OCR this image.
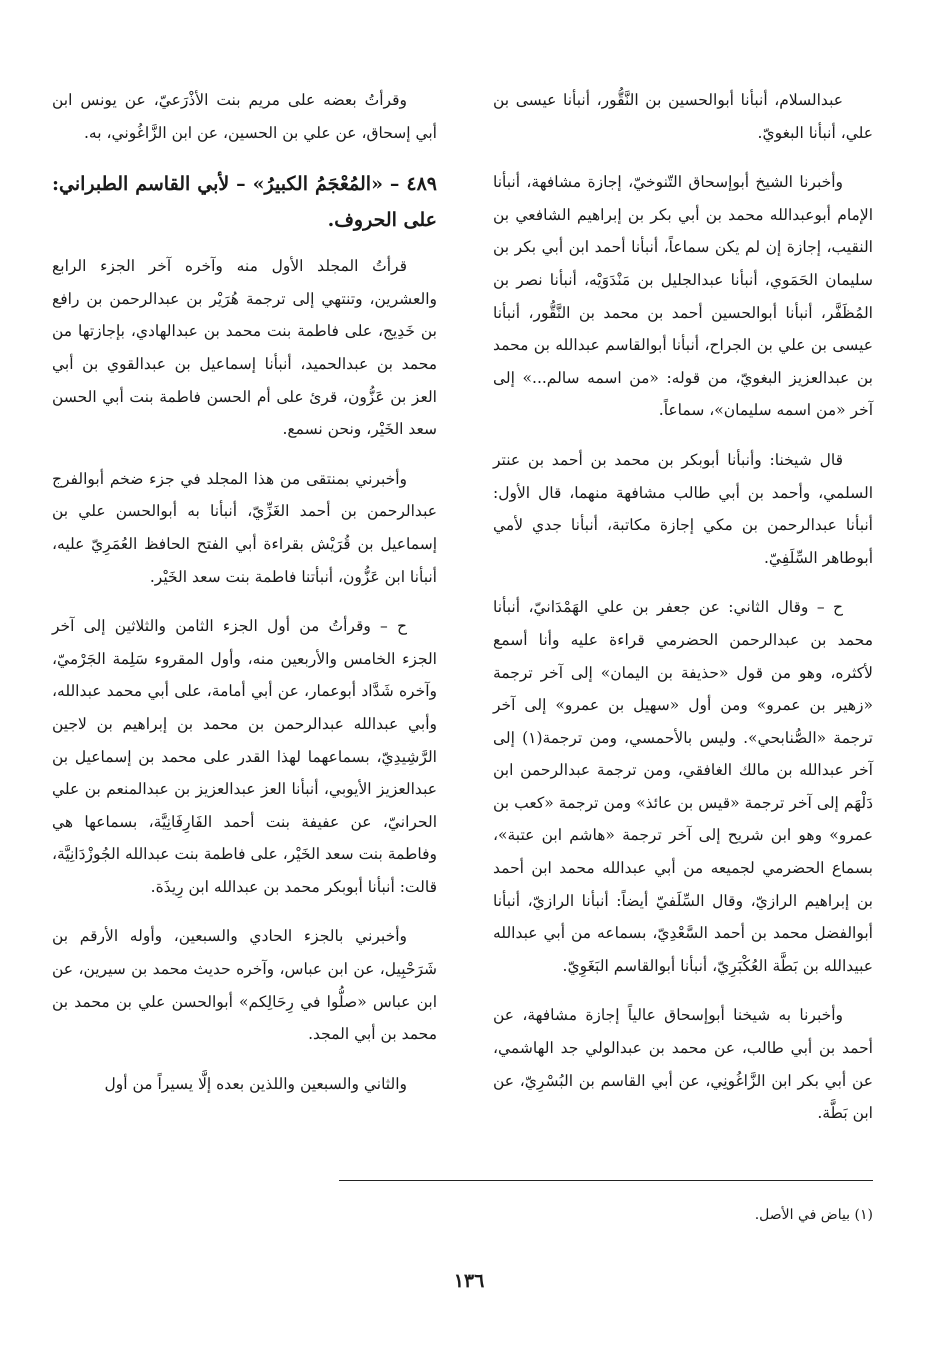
عبدالسلام، أنبأنا أبوالحسين بن النَّقُّور، أنبأنا عيسى بن علي، أنبأنا البغويّ.

وأخبرنا الشيخ أبوإسحاق التّنوخيّ، إجازة مشافهة، أنبأنا الإمام أبوعبدالله محمد بن أبي بكر بن إبراهيم الشافعي بن النقيب، إجازة إن لم يكن سماعاً، أنبأنا أحمد ابن أبي بكر بن سليمان الحَمَوي، أنبأنا عبدالجليل بن مَنْدَوَيْه، أنبأنا نصر بن المُظَفَّر، أنبأنا أبوالحسين أحمد بن محمد بن النَّقُّور، أنبأنا عيسى بن علي بن الجراح، أنبأنا أبوالقاسم عبدالله بن محمد بن عبدالعزيز البغويّ، من قوله: «من اسمه سالم...» إلى آخر «من اسمه سليمان»، سماعاً.

قال شيخنا: وأنبأنا أبوبكر بن محمد بن أحمد بن عنتر السلمي، وأحمد بن أبي طالب مشافهة منهما، قال الأول: أنبأنا عبدالرحمن بن مكي إجازة مكاتبة، أنبأنا جدي لأمي أبوطاهر السِّلَفِيّ.

ح – وقال الثاني: عن جعفر بن علي الهَمْدَانيّ، أنبأنا محمد بن عبدالرحمن الحضرمي قراءة عليه وأنا أسمع لأكثره، وهو من قول «حذيفة بن اليمان» إلى آخر ترجمة «زهير بن عمرو» ومن أول «سهيل بن عمرو» إلى آخر ترجمة «الصُّنابحي». وليس بالأحمسي، ومن ترجمة(١) إلى آخر عبدالله بن مالك الغافقي، ومن ترجمة عبدالرحمن ابن دَلْهَم إلى آخر ترجمة «قيس بن عائذ» ومن ترجمة «كعب بن عمرو» وهو ابن شريح إلى آخر ترجمة «هاشم ابن عتبة»، بسماع الحضرمي لجميعه من أبي عبدالله محمد ابن أحمد بن إبراهيم الرازيّ، وقال السِّلَفيّ أيضاً: أنبأنا الرازيّ، أنبأنا أبوالفضل محمد بن أحمد السَّعْدِيّ، بسماعه من أبي عبدالله عبيدالله بن بَطَّة العُكْبَرِيّ، أنبأنا أبوالقاسم البَغَوِيّ.

وأخبرنا به شيخنا أبوإسحاق عالياً إجازة مشافهة، عن أحمد بن أبي طالب، عن محمد بن عبدالولي جد الهاشمي، عن أبي بكر ابن الزَّاغُونِي، عن أبي القاسم بن البُسْرِيّ، عن ابن بَطَّة.

وقرأتُ بعضه على مريم بنت الأذْرَعيّ، عن يونس ابن أبي إسحاق، عن علي بن الحسين، عن ابن الزَّاغُوني، به.

٤٨٩ – «المُعْجَمُ الكبيرُ» – لأبي القاسم الطبراني: على الحروف.

قرأتُ المجلد الأول منه وآخره آخر الجزء الرابع والعشرين، وتنتهي إلى ترجمة هُرَيْر بن عبدالرحمن بن رافع بن خَدِيج، على فاطمة بنت محمد بن عبدالهادي، بإجازتها من محمد بن عبدالحميد، أنبأنا إسماعيل بن عبدالقوي بن أبي العز بن عَزُّون، قرئ على أم الحسن فاطمة بنت أبي الحسن سعد الخَيْر، ونحن نسمع.

وأخبرني بمنتقى من هذا المجلد في جزء ضخم أبوالفرج عبدالرحمن بن أحمد الغَزِّيّ، أنبأنا به أبوالحسن علي بن إسماعيل بن قُرَيْش بقراءة أبي الفتح الحافظ العُمَرِيّ عليه، أنبأنا ابن عَزُّون، أنبأتنا فاطمة بنت سعد الخَيْر.

ح – وقرأتُ من أول الجزء الثامن والثلاثين إلى آخر الجزء الخامس والأربعين منه، وأول المقروء سَلِمة الجَرْميّ، وآخره شَدَّاد أبوعمار، عن أبي أمامة، على أبي محمد عبدالله، وأبي عبدالله عبدالرحمن بن محمد بن إبراهيم بن لاجين الرَّشِيدِيّ، بسماعهما لهذا القدر على محمد بن إسماعيل بن عبدالعزيز الأيوبي، أنبأنا العز عبدالعزيز بن عبدالمنعم بن علي الحرانيّ، عن عفيفة بنت أحمد الفَارِفَانِيَّة، بسماعها هي وفاطمة بنت سعد الخَيْر، على فاطمة بنت عبدالله الجُوزْدَانِيَّة، قالت: أنبأنا أبوبكر محمد بن عبدالله ابن رِيذَة.

وأخبرني بالجزء الحادي والسبعين، وأوله الأرقم بن شَرَحْبِيل، عن ابن عباس، وآخره حديث محمد بن سيرين، عن ابن عباس «صلُّوا في رِحَالِكم» أبوالحسن علي بن محمد بن محمد بن أبي المجد.

والثاني والسبعين واللذين بعده إلَّا يسيراً من أول

(١) بياض في الأصل.
١٣٦
